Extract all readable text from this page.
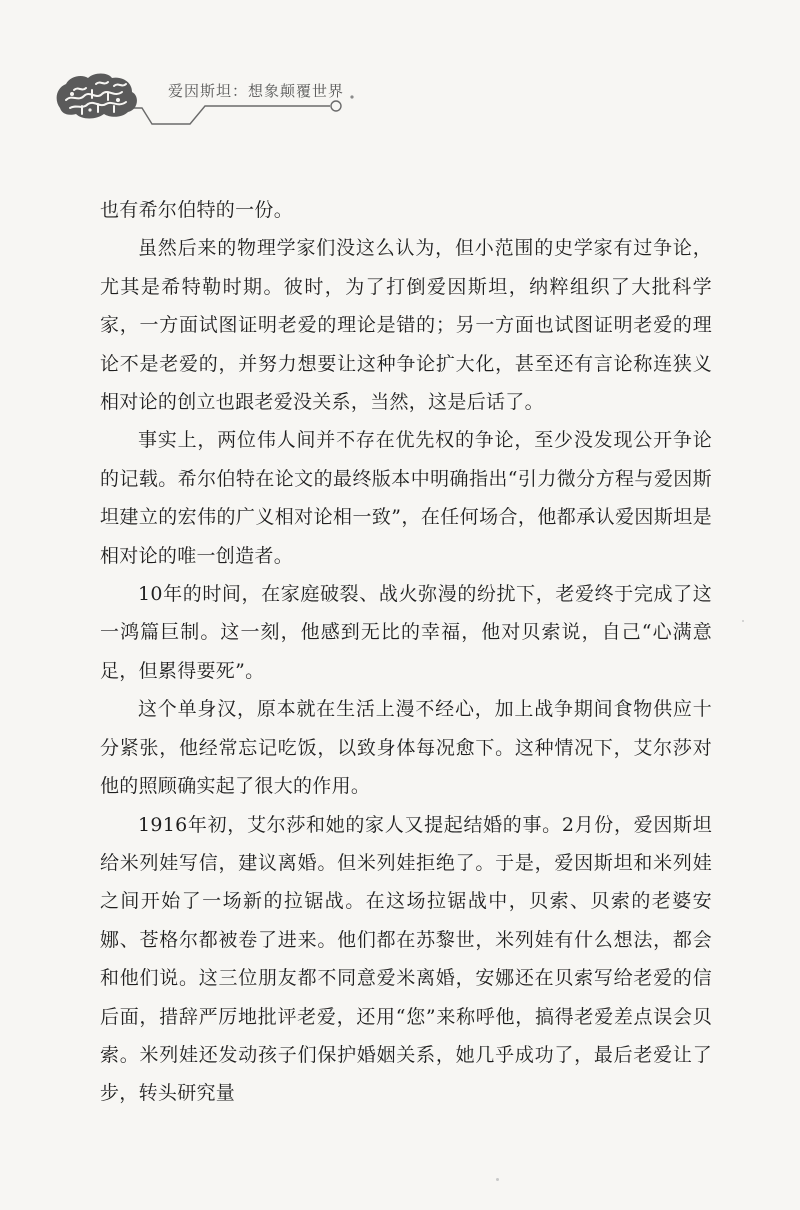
爱因斯坦：想象颠覆世界

也有希尔伯特的一份。

虽然后来的物理学家们没这么认为，但小范围的史学家有过争论，尤其是希特勒时期。彼时，为了打倒爱因斯坦，纳粹组织了大批科学家，一方面试图证明老爱的理论是错的；另一方面也试图证明老爱的理论不是老爱的，并努力想要让这种争论扩大化，甚至还有言论称连狭义相对论的创立也跟老爱没关系，当然，这是后话了。

事实上，两位伟人间并不存在优先权的争论，至少没发现公开争论的记载。希尔伯特在论文的最终版本中明确指出“引力微分方程与爱因斯坦建立的宏伟的广义相对论相一致”，在任何场合，他都承认爱因斯坦是相对论的唯一创造者。

10年的时间，在家庭破裂、战火弥漫的纷扰下，老爱终于完成了这一鸿篇巨制。这一刻，他感到无比的幸福，他对贝索说，自己“心满意足，但累得要死”。

这个单身汉，原本就在生活上漫不经心，加上战争期间食物供应十分紧张，他经常忘记吃饭，以致身体每况愈下。这种情况下，艾尔莎对他的照顾确实起了很大的作用。

1916年初，艾尔莎和她的家人又提起结婚的事。2月份，爱因斯坦给米列娃写信，建议离婚。但米列娃拒绝了。于是，爱因斯坦和米列娃之间开始了一场新的拉锯战。在这场拉锯战中，贝索、贝索的老婆安娜、苍格尔都被卷了进来。他们都在苏黎世，米列娃有什么想法，都会和他们说。这三位朋友都不同意爱米离婚，安娜还在贝索写给老爱的信后面，措辞严厉地批评老爱，还用“您”来称呼他，搞得老爱差点误会贝索。米列娃还发动孩子们保护婚姻关系，她几乎成功了，最后老爱让了步，转头研究量
